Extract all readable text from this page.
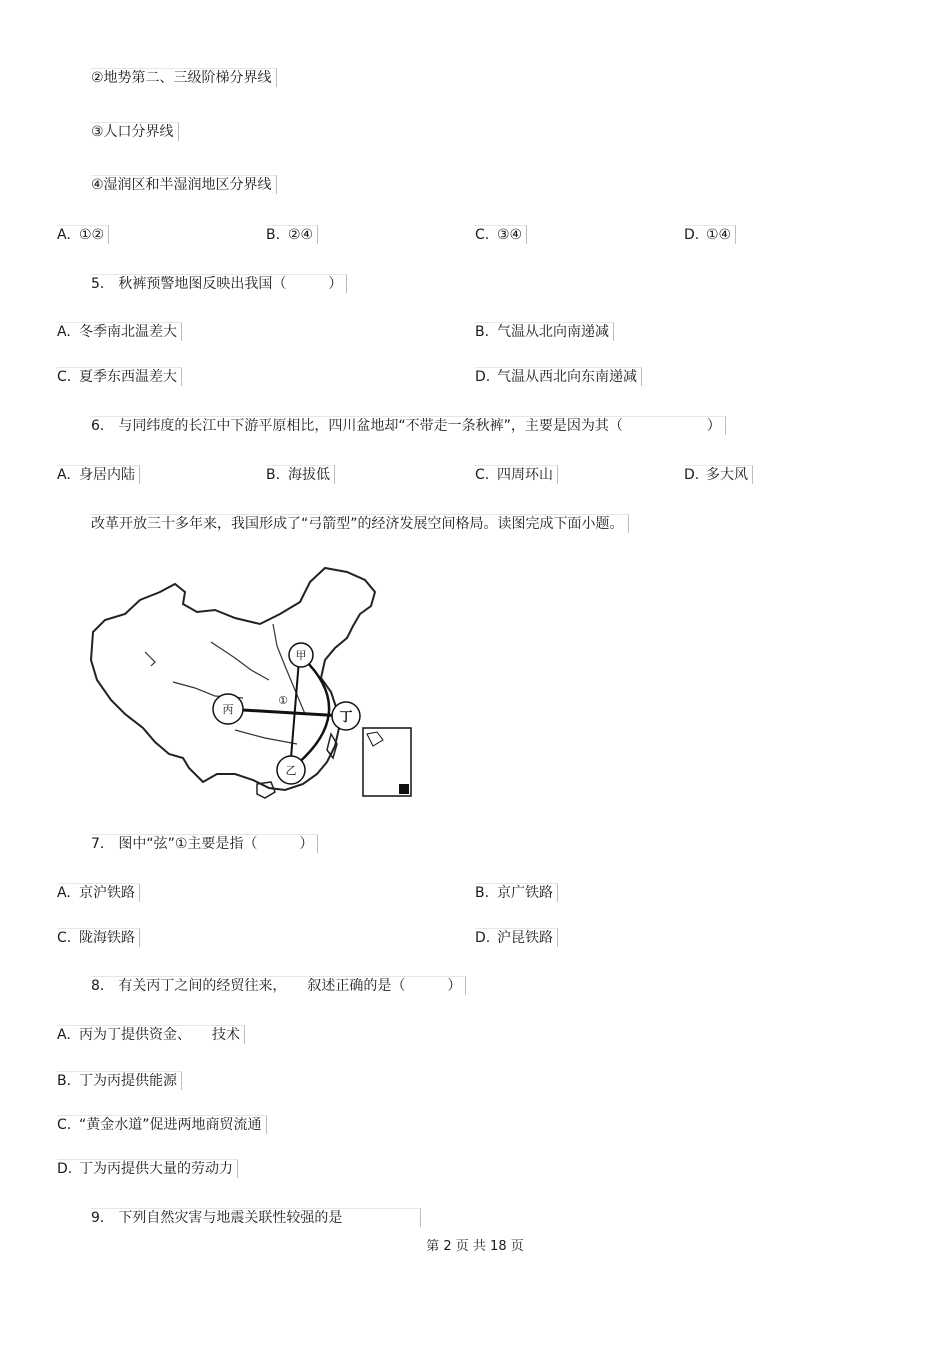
②地势第二、三级阶梯分界线
③人口分界线
④湿润区和半湿润地区分界线
A. ①②	B. ②④	C. ③④	D. ①④
5． 秋裤预警地图反映出我国（　　　）
A. 冬季南北温差大	B. 气温从北向南递减
C. 夏季东西温差大	D. 气温从西北向东南递减
6． 与同纬度的长江中下游平原相比，四川盆地却“不带走一条秋裤”，主要是因为其（　　　　　　）
A. 身居内陆	B. 海拔低	C. 四周环山	D. 多大风
改革开放三十多年来，我国形成了“弓箭型”的经济发展空间格局。读图完成下面小题。
甲
丙
丁
乙
①
7． 图中“弦”①主要是指（　　　）
A. 京沪铁路	B. 京广铁路
C. 陇海铁路	D. 沪昆铁路
8． 有关丙丁之间的经贸往来，　　叙述正确的是（　　　）
A. 丙为丁提供资金、　　技术
B. 丁为丙提供能源
C. “黄金水道”促进两地商贸流通
D. 丁为丙提供大量的劳动力
9． 下列自然灾害与地震关联性较强的是
第 2 页 共 18 页
